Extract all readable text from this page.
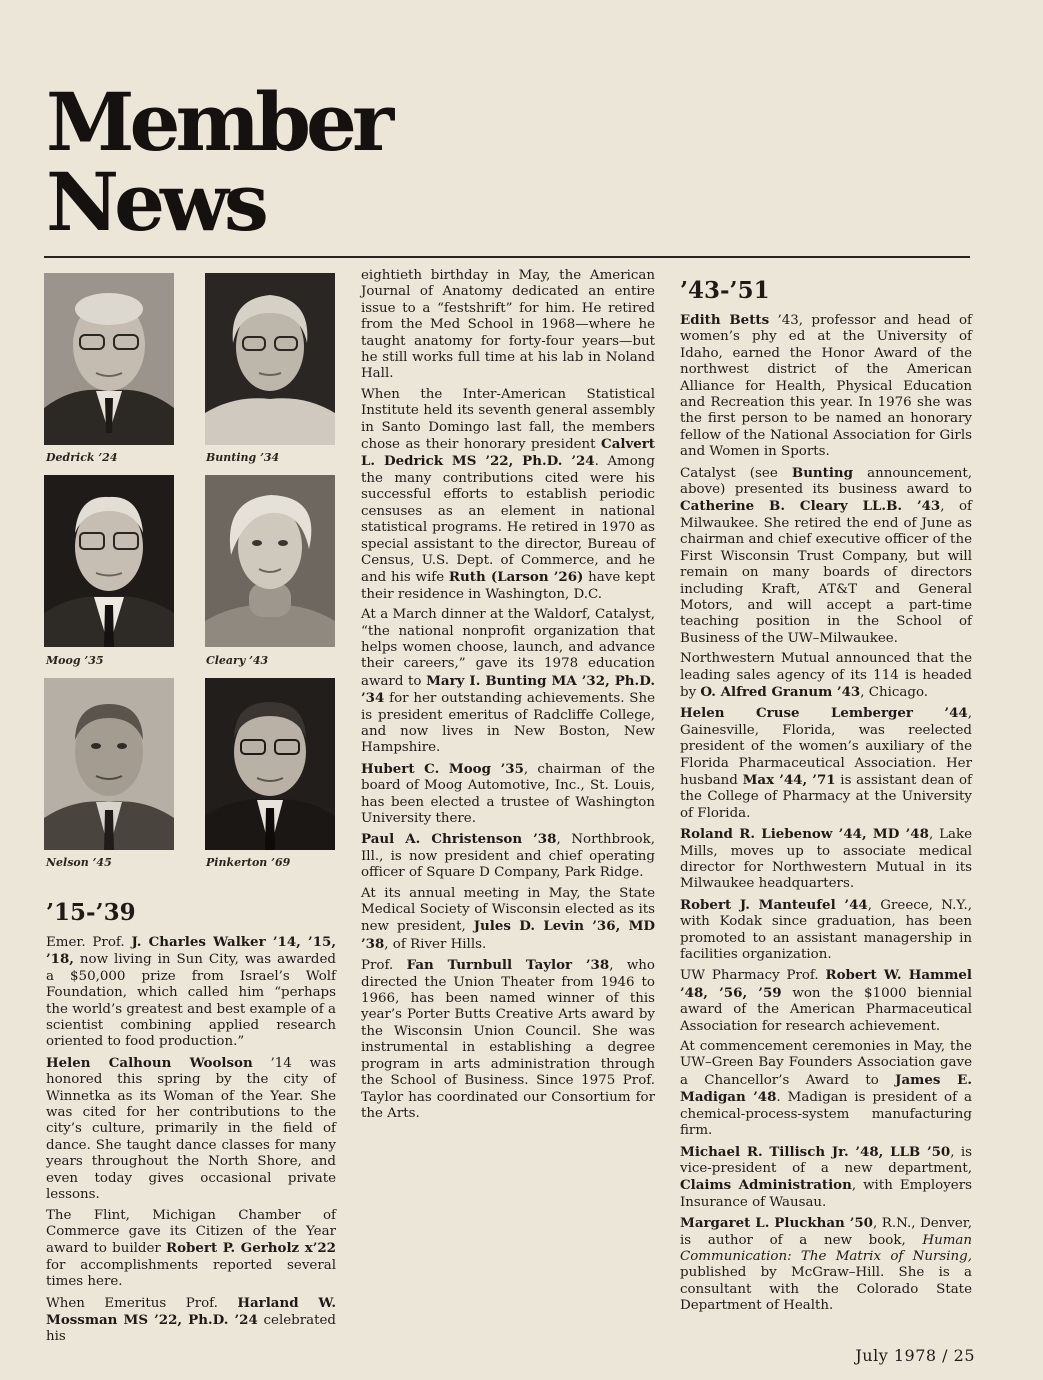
Member
News
Dedrick ’24	Bunting ’34
Moog ’35	Cleary ’43
Nelson ’45	Pinkerton ’69
’15-’39

Emer. Prof. J. Charles Walker ’14, ’15, ’18, now living in Sun City, was awarded a $50,000 prize from Israel’s Wolf Foundation, which called him “perhaps the world’s greatest and best example of a scientist combining applied research oriented to food production.”

Helen Calhoun Woolson ’14 was honored this spring by the city of Winnetka as its Woman of the Year. She was cited for her contributions to the city’s culture, primarily in the field of dance. She taught dance classes for many years throughout the North Shore, and even today gives occasional private lessons.

The Flint, Michigan Chamber of Commerce gave its Citizen of the Year award to builder Robert P. Gerholz x’22 for accomplishments reported several times here.

When Emeritus Prof. Harland W. Mossman MS ’22, Ph.D. ’24 celebrated his

eightieth birthday in May, the American Journal of Anatomy dedicated an entire issue to a “festshrift” for him. He retired from the Med School in 1968—where he taught anatomy for forty-four years—but he still works full time at his lab in Noland Hall.

When the Inter-American Statistical Institute held its seventh general assembly in Santo Domingo last fall, the members chose as their honorary president Calvert L. Dedrick MS ’22, Ph.D. ’24. Among the many contributions cited were his successful efforts to establish periodic censuses as an element in national statistical programs. He retired in 1970 as special assistant to the director, Bureau of Census, U.S. Dept. of Commerce, and he and his wife Ruth (Larson ’26) have kept their residence in Washington, D.C.

At a March dinner at the Waldorf, Catalyst, “the national nonprofit organization that helps women choose, launch, and advance their careers,” gave its 1978 education award to Mary I. Bunting MA ’32, Ph.D. ’34 for her outstanding achievements. She is president emeritus of Radcliffe College, and now lives in New Boston, New Hampshire.

Hubert C. Moog ’35, chairman of the board of Moog Automotive, Inc., St. Louis, has been elected a trustee of Washington University there.

Paul A. Christenson ’38, Northbrook, Ill., is now president and chief operating officer of Square D Company, Park Ridge.

At its annual meeting in May, the State Medical Society of Wisconsin elected as its new president, Jules D. Levin ’36, MD ’38, of River Hills.

Prof. Fan Turnbull Taylor ’38, who directed the Union Theater from 1946 to 1966, has been named winner of this year’s Porter Butts Creative Arts award by the Wisconsin Union Council. She was instrumental in establishing a degree program in arts administration through the School of Business. Since 1975 Prof. Taylor has coordinated our Consortium for the Arts.

’43-’51

Edith Betts ’43, professor and head of women’s phy ed at the University of Idaho, earned the Honor Award of the northwest district of the American Alliance for Health, Physical Education and Recreation this year. In 1976 she was the first person to be named an honorary fellow of the National Association for Girls and Women in Sports.

Catalyst (see Bunting announcement, above) presented its business award to Catherine B. Cleary LL.B. ’43, of Milwaukee. She retired the end of June as chairman and chief executive officer of the First Wisconsin Trust Company, but will remain on many boards of directors including Kraft, AT&T and General Motors, and will accept a part-time teaching position in the School of Business of the UW–Milwaukee.

Northwestern Mutual announced that the leading sales agency of its 114 is headed by O. Alfred Granum ’43, Chicago.

Helen Cruse Lemberger ’44, Gainesville, Florida, was reelected president of the women’s auxiliary of the Florida Pharmaceutical Association. Her husband Max ’44, ’71 is assistant dean of the College of Pharmacy at the University of Florida.

Roland R. Liebenow ’44, MD ’48, Lake Mills, moves up to associate medical director for Northwestern Mutual in its Milwaukee headquarters.

Robert J. Manteufel ’44, Greece, N.Y., with Kodak since graduation, has been promoted to an assistant managership in facilities organization.

UW Pharmacy Prof. Robert W. Hammel ’48, ’56, ’59 won the $1000 biennial award of the American Pharmaceutical Association for research achievement.

At commencement ceremonies in May, the UW–Green Bay Founders Association gave a Chancellor’s Award to James E. Madigan ’48. Madigan is president of a chemical-process-system manufacturing firm.

Michael R. Tillisch Jr. ’48, LLB ’50, is vice-president of a new department, Claims Administration, with Employers Insurance of Wausau.

Margaret L. Pluckhan ’50, R.N., Denver, is author of a new book, Human Communication: The Matrix of Nursing, published by McGraw–Hill. She is a consultant with the Colorado State Department of Health.

July 1978 / 25
